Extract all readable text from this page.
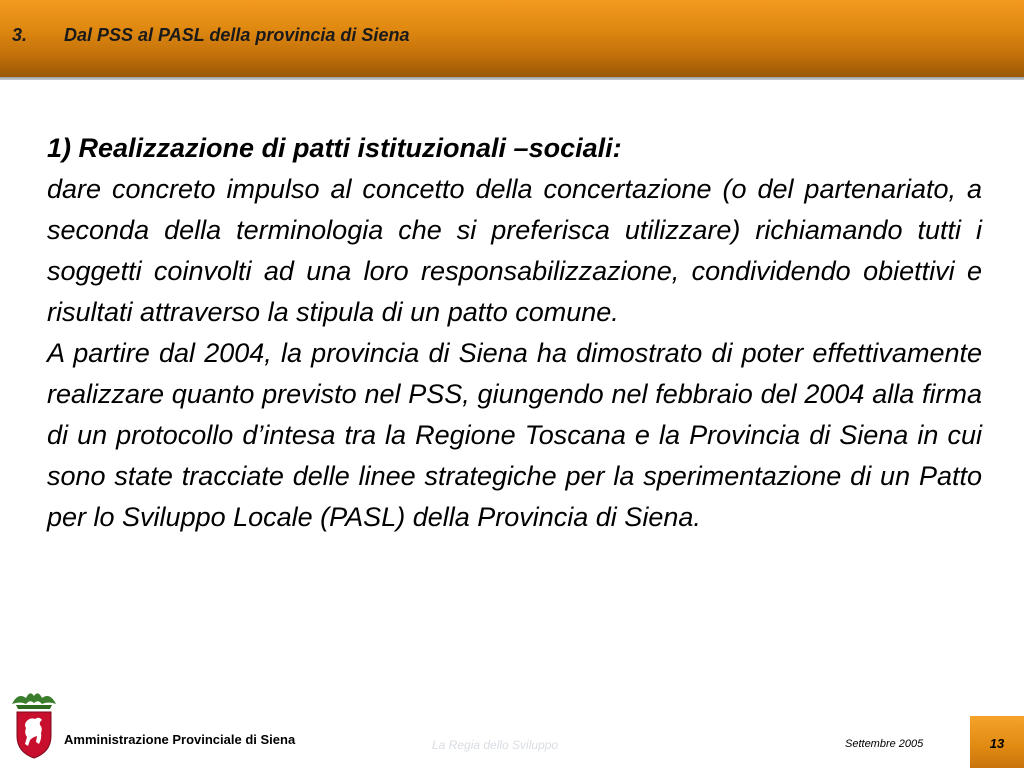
3. Dal PSS al PASL della provincia di Siena

1) Realizzazione di patti istituzionali –sociali:

dare concreto impulso al concetto della concertazione (o del partenariato, a seconda della terminologia che si preferisca utilizzare) richiamando tutti i soggetti coinvolti ad una loro responsabilizzazione, condividendo obiettivi e risultati attraverso la stipula di un patto comune.

A partire dal 2004, la provincia di Siena ha dimostrato di poter effettivamente realizzare quanto previsto nel PSS, giungendo nel febbraio del 2004 alla firma di un protocollo d’intesa tra la Regione Toscana e la Provincia di Siena in cui sono state tracciate delle linee strategiche per la sperimentazione di un Patto per lo Sviluppo Locale (PASL) della Provincia di Siena.

Amministrazione Provinciale di Siena	La Regia dello Sviluppo	Settembre 2005	13
